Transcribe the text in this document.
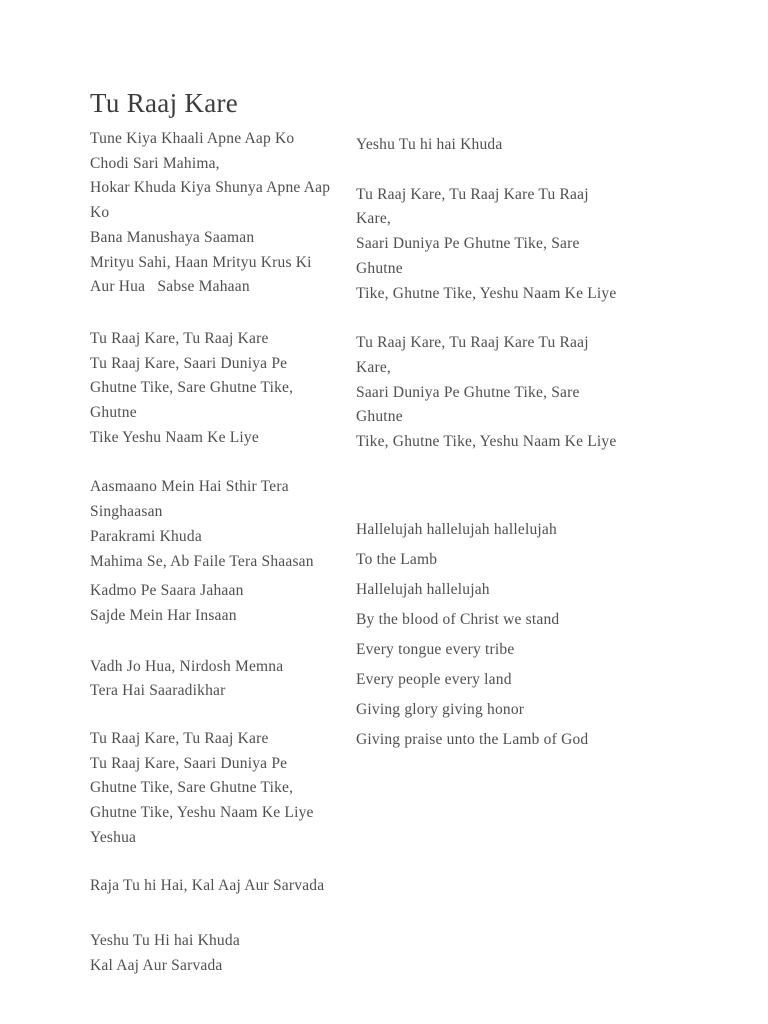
Tu Raaj Kare
Tune Kiya Khaali Apne Aap Ko
Chodi Sari Mahima,
Hokar Khuda Kiya Shunya Apne Aap Ko
Bana Manushaya Saaman
Mrityu Sahi, Haan Mrityu Krus Ki
Aur Hua   Sabse Mahaan
Tu Raaj Kare, Tu Raaj Kare
Tu Raaj Kare, Saari Duniya Pe
Ghutne Tike, Sare Ghutne Tike, Ghutne
Tike Yeshu Naam Ke Liye
Aasmaano Mein Hai Sthir Tera
Singhaasan
Parakrami Khuda
Mahima Se, Ab Faile Tera Shaasan
Kadmo Pe Saara Jahaan
Sajde Mein Har Insaan
Vadh Jo Hua, Nirdosh Memna
Tera Hai Saaradikhar
Tu Raaj Kare, Tu Raaj Kare
Tu Raaj Kare, Saari Duniya Pe
Ghutne Tike, Sare Ghutne Tike,
Ghutne Tike, Yeshu Naam Ke Liye Yeshua
Raja Tu hi Hai, Kal Aaj Aur Sarvada
Yeshu Tu Hi hai Khuda
Kal Aaj Aur Sarvada
Yeshu Tu hi hai Khuda
Tu Raaj Kare, Tu Raaj Kare Tu Raaj Kare,
Saari Duniya Pe Ghutne Tike, Sare Ghutne
Tike, Ghutne Tike, Yeshu Naam Ke Liye
Tu Raaj Kare, Tu Raaj Kare Tu Raaj Kare,
Saari Duniya Pe Ghutne Tike, Sare Ghutne
Tike, Ghutne Tike, Yeshu Naam Ke Liye
Hallelujah hallelujah hallelujah
To the Lamb
Hallelujah hallelujah
By the blood of Christ we stand
Every tongue every tribe
Every people every land
Giving glory giving honor
Giving praise unto the Lamb of God
